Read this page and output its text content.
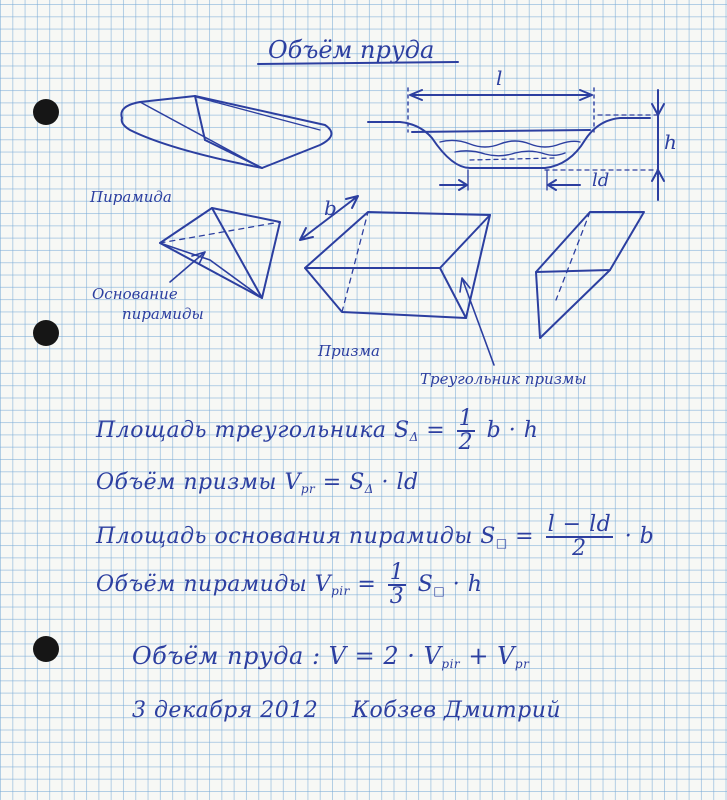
Объём пруда
l
h
ld
b
Пирамида
Основание
пирамиды
Призма
Треугольник призмы
Площадь треугольника $S_\Delta = \frac{1}{2}$ b · h
Объём призмы $V_{pr} = S_\Delta$ · ld
Площадь основания пирамиды $S_□ = \frac{l - ld}{2} \cdot b$
Объём пирамиды $V_{pir} = \frac{1}{3} S_□ \cdot h$
Объём пруда : $V = 2 \cdot V_{pir} + V_{pr}$
3 декабря 2012 Кобзев Дмитрий
